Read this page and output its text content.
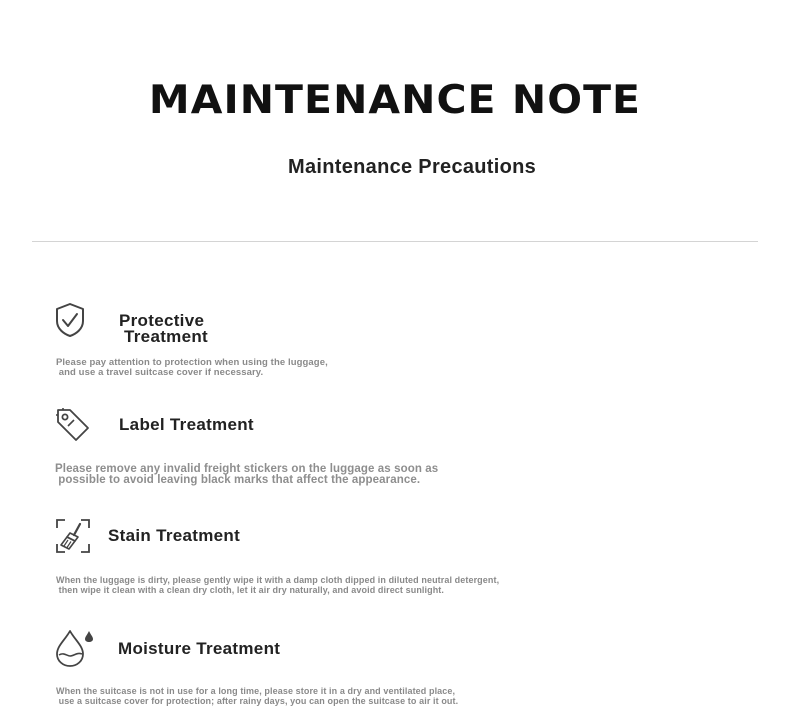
MAINTENANCE NOTE
Maintenance Precautions
Protective
Treatment
Please pay attention to protection when using the luggage,
and use a travel suitcase cover if necessary.
Label Treatment
Please remove any invalid freight stickers on the luggage as soon as
possible to avoid leaving black marks that affect the appearance.
Stain Treatment
When the luggage is dirty, please gently wipe it with a damp cloth dipped in diluted neutral detergent,
then wipe it clean with a clean dry cloth, let it air dry naturally, and avoid direct sunlight.
Moisture Treatment
When the suitcase is not in use for a long time, please store it in a dry and ventilated place,
use a suitcase cover for protection; after rainy days, you can open the suitcase to air it out.
